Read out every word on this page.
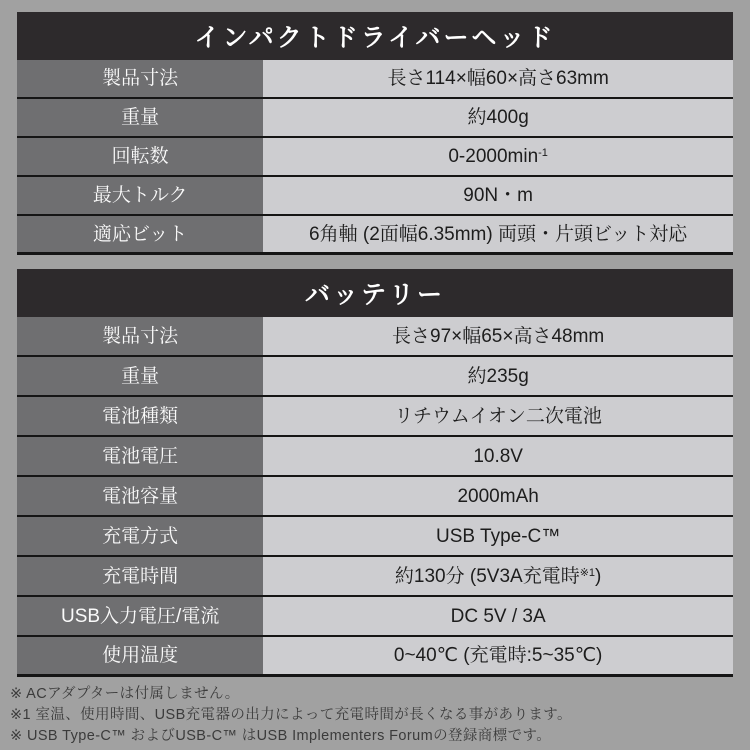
インパクトドライバーヘッド
製品寸法	長さ114×幅60×高さ63mm
重量	約400g
回転数	$0-2000\min^{-1}$
最大トルク	90N・m
適応ビット	6角軸 (2面幅6.35mm) 両頭・片頭ビット対応
バッテリー
製品寸法	長さ97×幅65×高さ48mm
重量	約235g
電池種類	リチウムイオン二次電池
電池電圧	10.8V
電池容量	2000mAh
充電方式	USB Type-C™
充電時間	約130分 (5V3A充電時$^{※1}$ )
USB入力電圧/電流	DC 5V / 3A
使用温度	0~40℃ (充電時:5~35℃)

※ ACアダプターは付属しません。

※1 室温、使用時間、USB充電器の出力によって充電時間が長くなる事があります。

※ USB Type-C™ およびUSB-C™ はUSB Implementers Forumの登録商標です。
